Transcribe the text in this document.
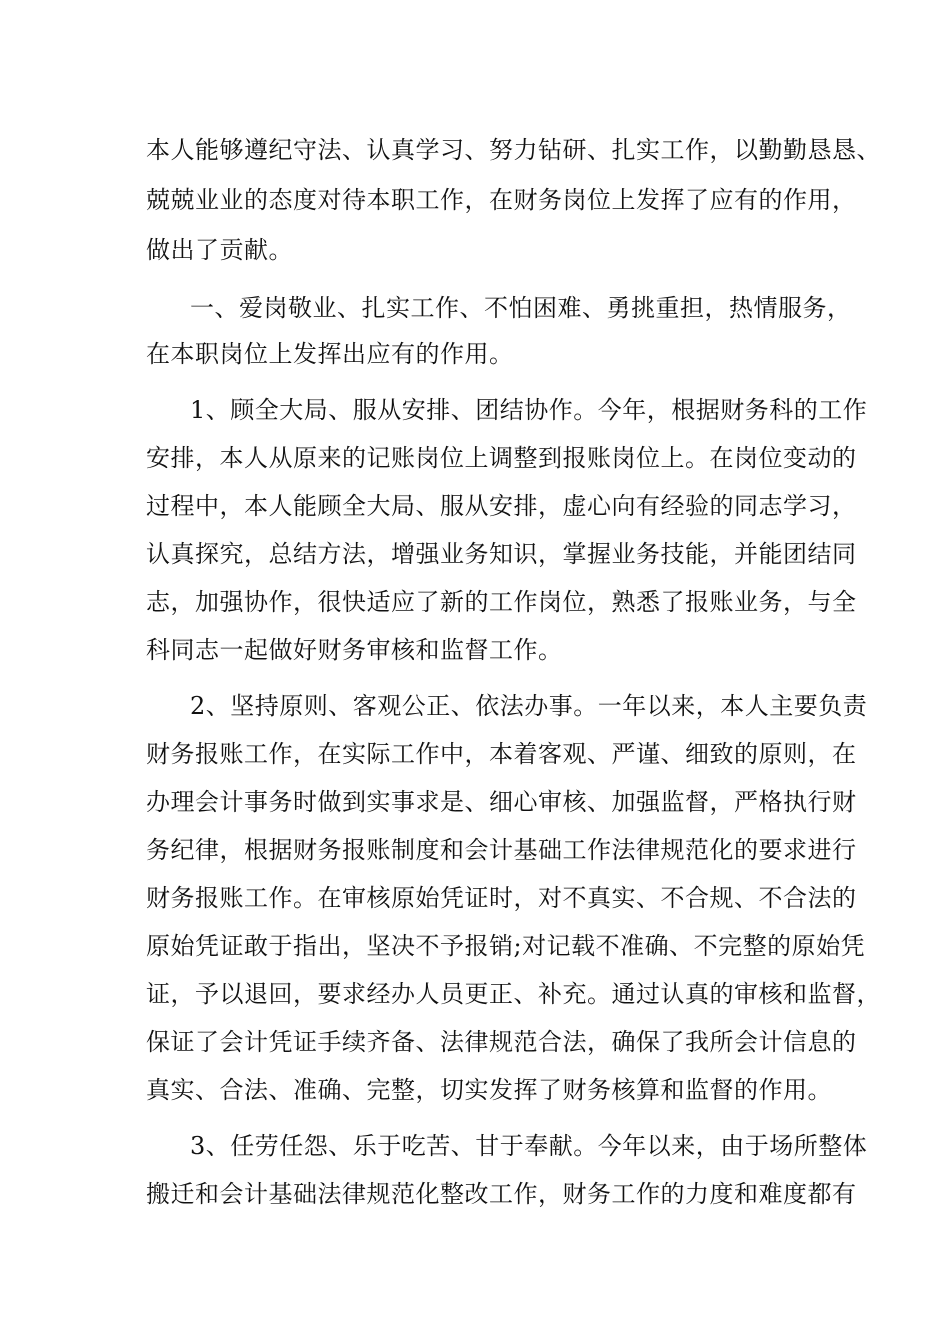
本人能够遵纪守法、认真学习、努力钻研、扎实工作，以勤勤恳恳、
兢兢业业的态度对待本职工作，在财务岗位上发挥了应有的作用，
做出了贡献。
一、爱岗敬业、扎实工作、不怕困难、勇挑重担，热情服务，
在本职岗位上发挥出应有的作用。
1、顾全大局、服从安排、团结协作。今年，根据财务科的工作
安排，本人从原来的记账岗位上调整到报账岗位上。在岗位变动的
过程中，本人能顾全大局、服从安排，虚心向有经验的同志学习，
认真探究，总结方法，增强业务知识，掌握业务技能，并能团结同
志，加强协作，很快适应了新的工作岗位，熟悉了报账业务，与全
科同志一起做好财务审核和监督工作。
2、坚持原则、客观公正、依法办事。一年以来，本人主要负责
财务报账工作，在实际工作中，本着客观、严谨、细致的原则，在
办理会计事务时做到实事求是、细心审核、加强监督，严格执行财
务纪律，根据财务报账制度和会计基础工作法律规范化的要求进行
财务报账工作。在审核原始凭证时，对不真实、不合规、不合法的
原始凭证敢于指出，坚决不予报销;对记载不准确、不完整的原始凭
证，予以退回，要求经办人员更正、补充。通过认真的审核和监督，
保证了会计凭证手续齐备、法律规范合法，确保了我所会计信息的
真实、合法、准确、完整，切实发挥了财务核算和监督的作用。
3、任劳任怨、乐于吃苦、甘于奉献。今年以来，由于场所整体
搬迁和会计基础法律规范化整改工作，财务工作的力度和难度都有
